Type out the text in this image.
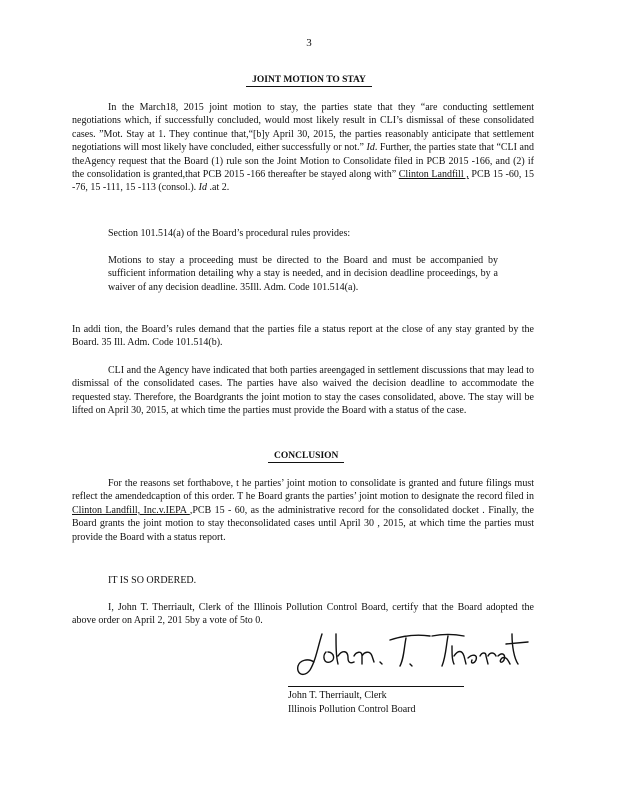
3
JOINT MOTION TO STAY

In the March18, 2015 joint motion to stay, the parties state that they “are conducting settlement negotiations which, if successfully concluded, would most likely result in CLI’s dismissal of these consolidated cases. ”Mot. Stay at 1. They continue that,“[b]y April 30, 2015, the parties reasonably anticipate that settlement negotiations will most likely have concluded, either successfully or not.” Id. Further, the parties state that “CLI and theAgency request that the Board (1) rule son the Joint Motion to Consolidate filed in PCB 2015 -166, and (2) if the consolidation is granted,that PCB 2015 -166 thereafter be stayed along with” Clinton Landfill , PCB 15 -60, 15 -76, 15 -111, 15 -113 (consol.). Id .at 2.

Section 101.514(a) of the Board’s procedural rules provides:

Motions to stay a proceeding must be directed to the Board and must be accompanied by sufficient information detailing why a stay is needed, and in decision deadline proceedings, by a waiver of any decision deadline. 35Ill. Adm. Code 101.514(a).

In addi tion, the Board’s rules demand that the parties file a status report at the close of any stay granted by the Board. 35 Ill. Adm. Code 101.514(b).

CLI and the Agency have indicated that both parties areengaged in settlement discussions that may lead to dismissal of the consolidated cases. The parties have also waived the decision deadline to accommodate the requested stay. Therefore, the Boardgrants the joint motion to stay the cases consolidated, above. The stay will be lifted on April 30, 2015, at which time the parties must provide the Board with a status of the case.

CONCLUSION

For the reasons set forthabove, t he parties’ joint motion to consolidate is granted and future filings must reflect the amendedcaption of this order. T he Board grants the parties’ joint motion to designate the record filed in Clinton Landfill, Inc.v.IEPA ,PCB 15 - 60, as the administrative record for the consolidated docket . Finally, the Board grants the joint motion to stay theconsolidated cases until April 30 , 2015, at which time the parties must provide the Board with a status report.

IT IS SO ORDERED.

I, John T. Therriault, Clerk of the Illinois Pollution Control Board, certify that the Board adopted the above order on April 2, 201 5by a vote of 5to 0.

John T. Therriault, Clerk
Illinois Pollution Control Board
